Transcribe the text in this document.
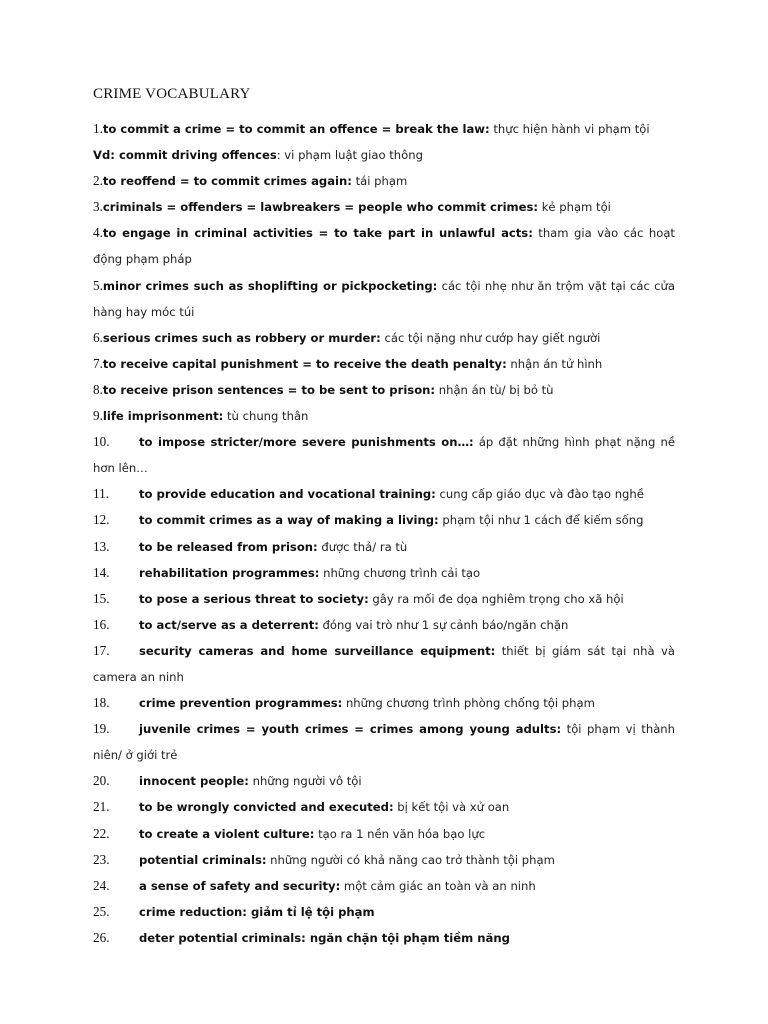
CRIME VOCABULARY
1.to commit a crime = to commit an offence = break the law: thực hiện hành vi phạm tội
Vd: commit driving offences: vi phạm luật giao thông
2.to reoffend = to commit crimes again: tái phạm
3.criminals = offenders = lawbreakers = people who commit crimes: kẻ phạm tội
4.to engage in criminal activities = to take part in unlawful acts: tham gia vào các hoạt động phạm pháp
5.minor crimes such as shoplifting or pickpocketing: các tội nhẹ như ăn trộm vặt tại các cửa hàng hay móc túi
6.serious crimes such as robbery or murder: các tội nặng như cướp hay giết người
7.to receive capital punishment = to receive the death penalty: nhận án tử hình
8.to receive prison sentences = to be sent to prison: nhận án tù/ bị bỏ tù
9.life imprisonment: tù chung thân
10.	to impose stricter/more severe punishments on…: áp đặt những hình phạt nặng nề hơn lên…
11.	to provide education and vocational training: cung cấp giáo dục và đào tạo nghề
12.	to commit crimes as a way of making a living: phạm tội như 1 cách để kiếm sống
13.	to be released from prison: được thả/ ra tù
14.	rehabilitation programmes: những chương trình cải tạo
15.	to pose a serious threat to society: gây ra mối đe dọa nghiêm trọng cho xã hội
16.	to act/serve as a deterrent: đóng vai trò như 1 sự cảnh báo/ngăn chặn
17.	security cameras and home surveillance equipment: thiết bị giám sát tại nhà và camera an ninh
18.	crime prevention programmes: những chương trình phòng chống tội phạm
19.	juvenile crimes = youth crimes = crimes among young adults: tội phạm vị thành niên/ ở giới trẻ
20.	innocent people: những người vô tội
21.	to be wrongly convicted and executed: bị kết tội và xử oan
22.	to create a violent culture: tạo ra 1 nền văn hóa bạo lực
23.	potential criminals: những người có khả năng cao trở thành tội phạm
24.	a sense of safety and security: một cảm giác an toàn và an ninh
25.	crime reduction: giảm tỉ lệ tội phạm
26.	deter potential criminals: ngăn chặn tội phạm tiềm năng
